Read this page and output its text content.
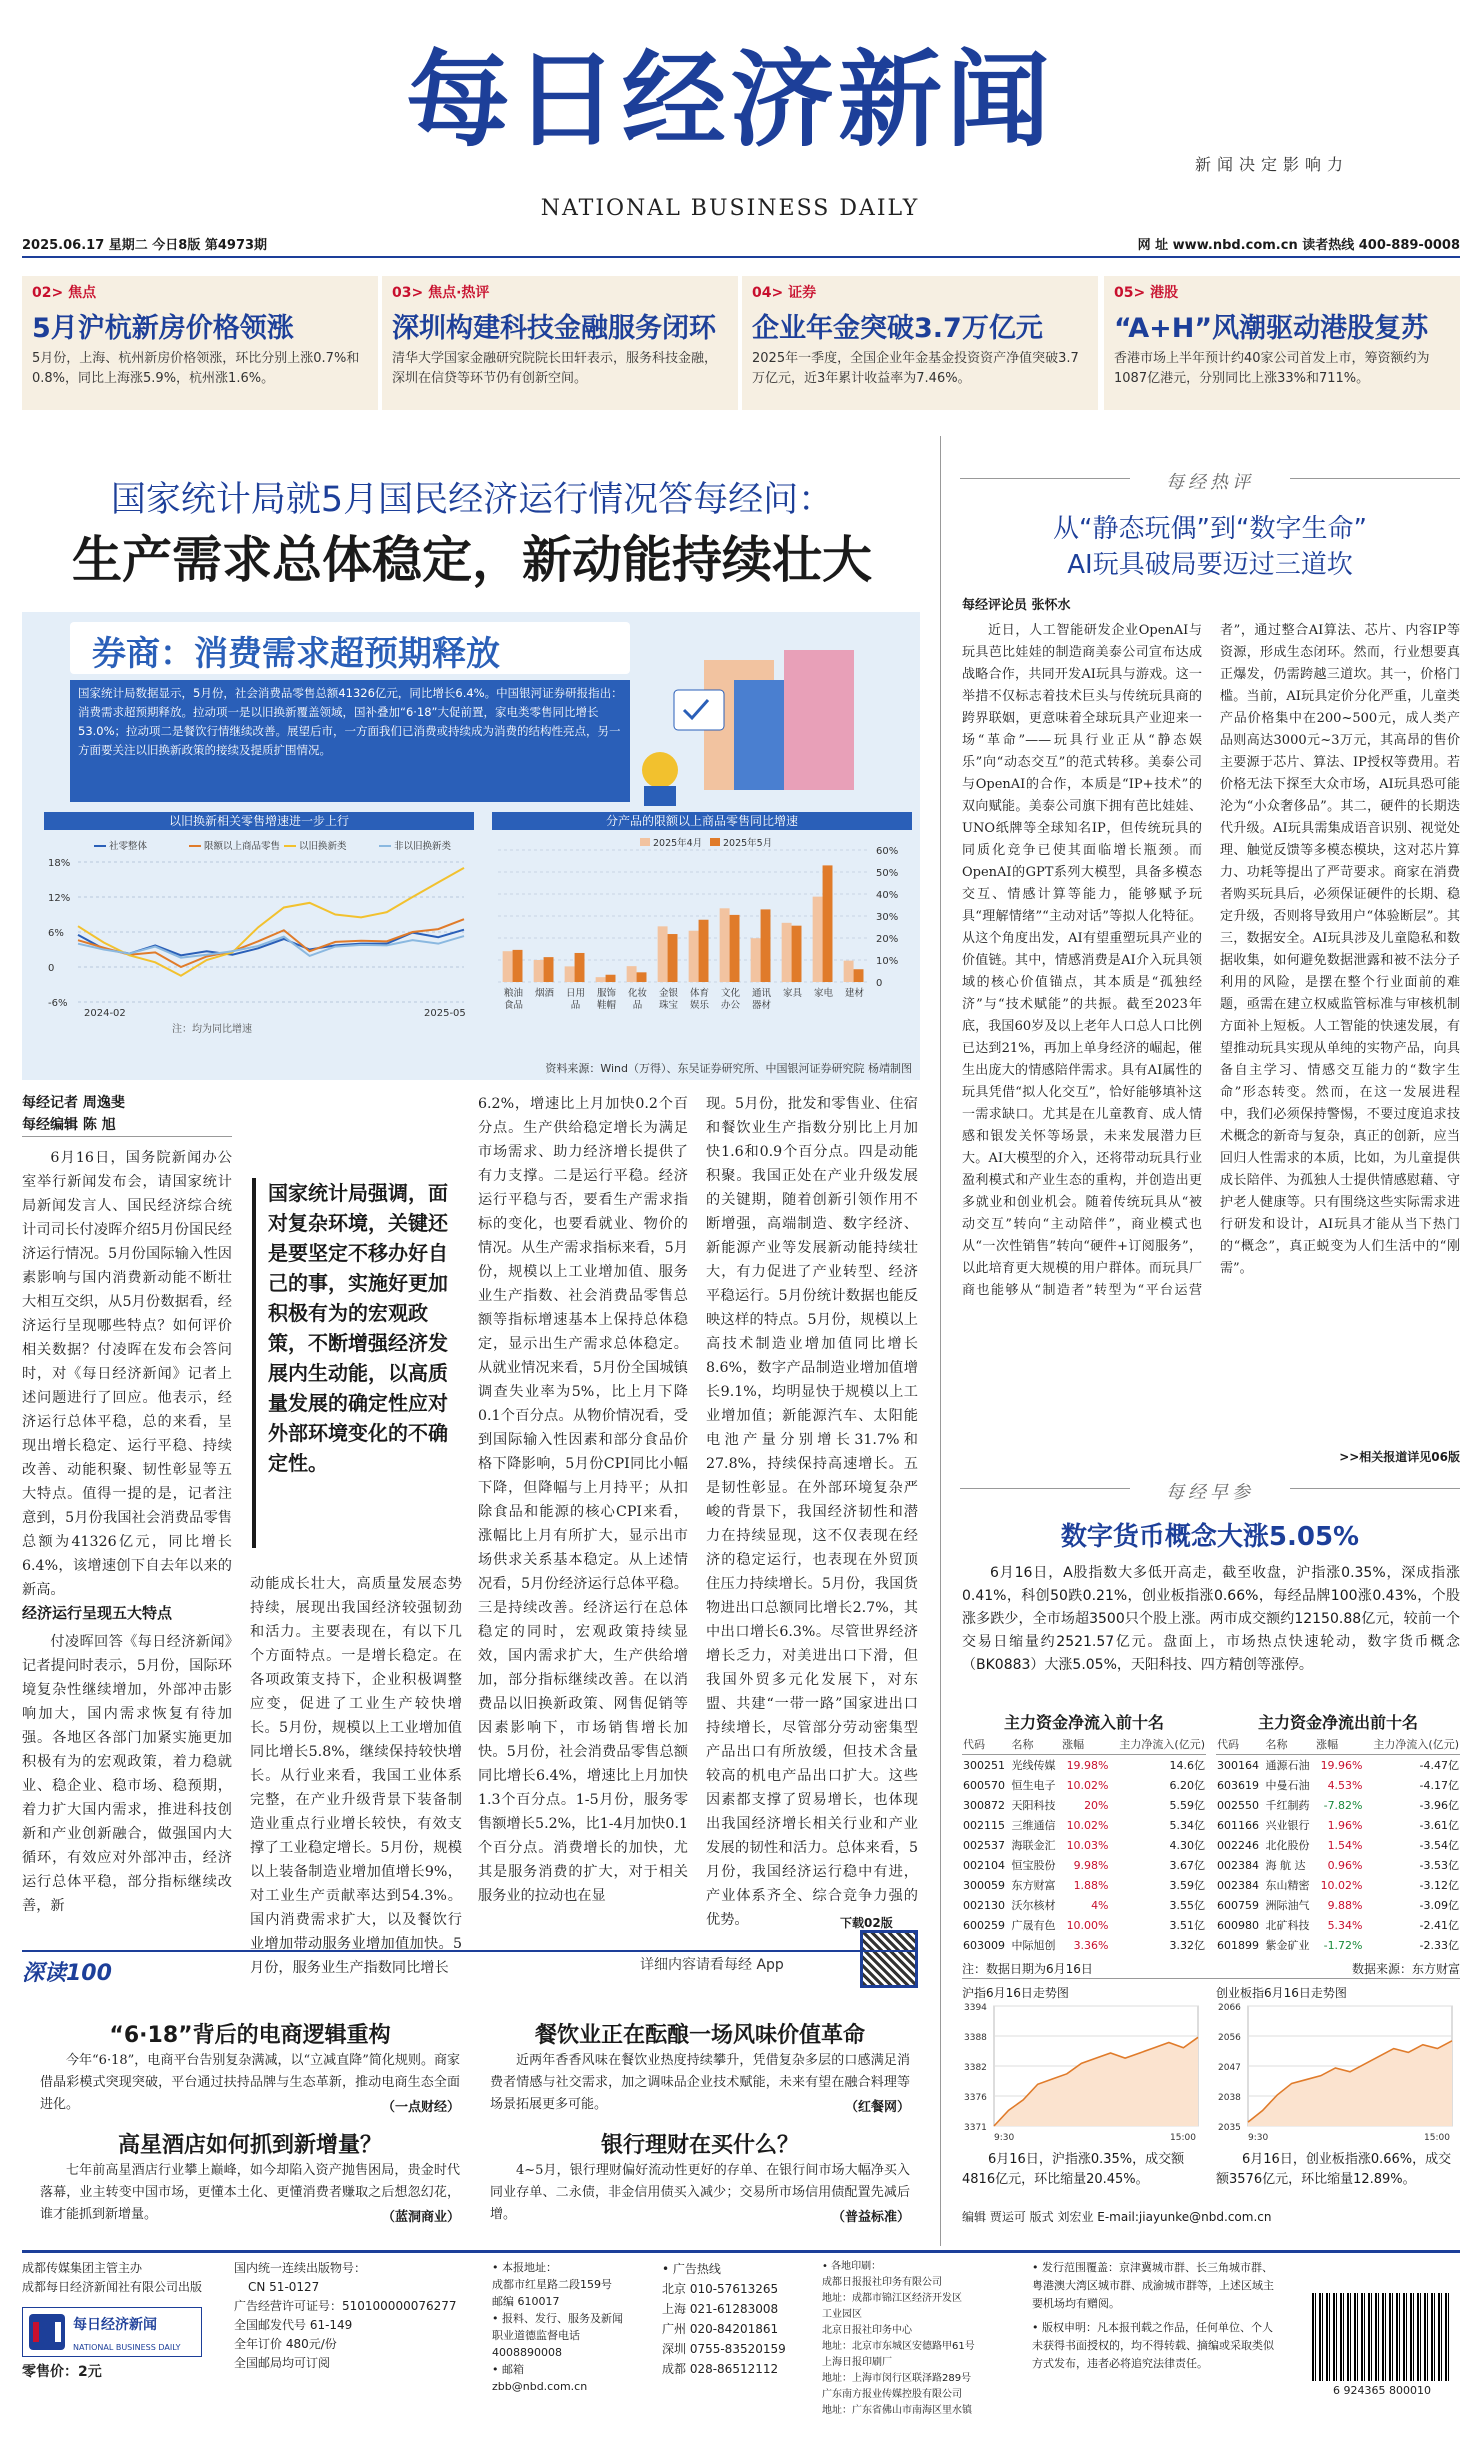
每日经济新闻
NATIONAL BUSINESS DAILY
新闻决定影响力
2025.06.17 星期二 今日8版 第4973期	网 址 www.nbd.com.cn 读者热线 400-889-0008
02> 焦点
5月沪杭新房价格领涨
5月份，上海、杭州新房价格领涨，环比分别上涨0.7%和0.8%，同比上海涨5.9%，杭州涨1.6%。
03> 焦点·热评
深圳构建科技金融服务闭环
清华大学国家金融研究院院长田轩表示，服务科技金融，深圳在信贷等环节仍有创新空间。
04> 证券
企业年金突破3.7万亿元
2025年一季度，全国企业年金基金投资资产净值突破3.7万亿元，近3年累计收益率为7.46%。
05> 港股
“A+H”风潮驱动港股复苏
香港市场上半年预计约40家公司首发上市，筹资额约为1087亿港元，分别同比上涨33%和711%。
国家统计局就5月国民经济运行情况答每经问：
生产需求总体稳定，新动能持续壮大
券商：消费需求超预期释放
国家统计局数据显示，5月份，社会消费品零售总额41326亿元，同比增长6.4%。中国银河证券研报指出：消费需求超预期释放。拉动项一是以旧换新覆盖领域，国补叠加“6·18”大促前置，家电类零售同比增长53.0%；拉动项二是餐饮行情继续改善。展望后市，一方面我们已消费或持续成为消费的结构性亮点，另一方面要关注以旧换新政策的接续及提质扩围情况。
以旧换新相关零售增速进一步上行
18%
12%
6%
0
-6%
2024-02	2025-05
社零整体	限额以上商品零售 以旧换新类	非以旧换新类
注：均为同比增速
分产品的限额以上商品零售同比增速
60%
50%
40%
30%
20%
10%
0
2025年4月 2025年5月
粮油
食品
烟酒 日用
品
服饰
鞋帽
化妆
品
金银
珠宝
体育
娱乐
文化
办公
通讯
器材
家具 家电 建材
资料来源：Wind（万得）、东吴证券研究所、中国银河证券研究院 杨靖制图
每经记者 周逸斐
每经编辑 陈 旭

6月16日，国务院新闻办公室举行新闻发布会，请国家统计局新闻发言人、国民经济综合统计司司长付凌晖介绍5月份国民经济运行情况。5月份国际输入性因素影响与国内消费新动能不断壮大相互交织，从5月份数据看，经济运行呈现哪些特点？如何评价相关数据？付凌晖在发布会答问时，对《每日经济新闻》记者上述问题进行了回应。他表示，经济运行总体平稳，总的来看，呈现出增长稳定、运行平稳、持续改善、动能积聚、韧性彰显等五大特点。值得一提的是，记者注意到，5月份我国社会消费品零售总额为41326亿元，同比增长6.4%，该增速创下自去年以来的新高。

经济运行呈现五大特点

付凌晖回答《每日经济新闻》记者提问时表示，5月份，国际环境复杂性继续增加，外部冲击影响加大，国内需求恢复有待加强。各地区各部门加紧实施更加积极有为的宏观政策，着力稳就业、稳企业、稳市场、稳预期，着力扩大国内需求，推进科技创新和产业创新融合，做强国内大循环，有效应对外部冲击，经济运行总体平稳，部分指标继续改善，新

国家统计局强调，面对复杂环境，关键还是要坚定不移办好自己的事，实施好更加积极有为的宏观政策，不断增强经济发展内生动能，以高质量发展的确定性应对外部环境变化的不确定性。

动能成长壮大，高质量发展态势持续，展现出我国经济较强韧劲和活力。主要表现在，有以下几个方面特点。一是增长稳定。在各项政策支持下，企业积极调整应变，促进了工业生产较快增长。5月份，规模以上工业增加值同比增长5.8%，继续保持较快增长。从行业来看，我国工业体系完整，在产业升级背景下装备制造业重点行业增长较快，有效支撑了工业稳定增长。5月份，规模以上装备制造业增加值增长9%，对工业生产贡献率达到54.3%。国内消费需求扩大，以及餐饮行业增加带动服务业增加值加快。5月份，服务业生产指数同比增长

6.2%，增速比上月加快0.2个百分点。生产供给稳定增长为满足市场需求、助力经济增长提供了有力支撑。二是运行平稳。经济运行平稳与否，要看生产需求指标的变化，也要看就业、物价的情况。从生产需求指标来看，5月份，规模以上工业增加值、服务业生产指数、社会消费品零售总额等指标增速基本上保持总体稳定，显示出生产需求总体稳定。从就业情况来看，5月份全国城镇调查失业率为5%，比上月下降0.1个百分点。从物价情况看，受到国际输入性因素和部分食品价格下降影响，5月份CPI同比小幅下降，但降幅与上月持平；从扣除食品和能源的核心CPI来看，涨幅比上月有所扩大，显示出市场供求关系基本稳定。从上述情况看，5月份经济运行总体平稳。三是持续改善。经济运行在总体稳定的同时，宏观政策持续显效，国内需求扩大，生产供给增加，部分指标继续改善。在以消费品以旧换新政策、网售促销等因素影响下，市场销售增长加快。5月份，社会消费品零售总额同比增长6.4%，增速比上月加快1.3个百分点。1-5月份，服务零售额增长5.2%，比1-4月加快0.1个百分点。消费增长的加快，尤其是服务消费的扩大，对于相关服务业的拉动也在显

现。5月份，批发和零售业、住宿和餐饮业生产指数分别比上月加快1.6和0.9个百分点。四是动能积聚。我国正处在产业升级发展的关键期，随着创新引领作用不断增强，高端制造、数字经济、新能源产业等发展新动能持续壮大，有力促进了产业转型、经济平稳运行。5月份统计数据也能反映这样的特点。5月份，规模以上高技术制造业增加值同比增长8.6%，数字产品制造业增加值增长9.1%，均明显快于规模以上工业增加值；新能源汽车、太阳能电池产量分别增长31.7%和27.8%，持续保持高速增长。五是韧性彰显。在外部环境复杂严峻的背景下，我国经济韧性和潜力在持续显现，这不仅表现在经济的稳定运行，也表现在外贸顶住压力持续增长。5月份，我国货物进出口总额同比增长2.7%，其中出口增长6.3%。尽管世界经济增长乏力，对美进出口下滑，但我国外贸多元化发展下，对东盟、共建“一带一路”国家进出口持续增长，尽管部分劳动密集型产品出口有所放缓，但技术含量较高的机电产品出口扩大。这些因素都支撑了贸易增长，也体现出我国经济增长相关行业和产业发展的韧性和活力。总体来看，5月份，我国经济运行稳中有进，产业体系齐全、综合竞争力强的优势。	下载02版
深读100	详细内容请看每经 App
“6·18”背后的电商逻辑重构

今年“6·18”，电商平台告别复杂满减，以“立减直降”简化规则。商家借晶彩模式突现突破，平台通过扶持品牌与生态革新，推动电商生态全面进化。	（一点财经）
餐饮业正在酝酿一场风味价值革命

近两年香香风味在餐饮业热度持续攀升，凭借复杂多层的口感满足消费者情感与社交需求，加之调味品企业技术赋能，未来有望在融合料理等场景拓展更多可能。	（红餐网）
高星酒店如何抓到新增量？

七年前高星酒店行业攀上巅峰，如今却陷入资产抛售困局，贵金时代落幕，业主转变中国市场，更懂本土化、更懂消费者赚取之后想忽幻花，谁才能抓到新增量。	（蓝洞商业）
银行理财在买什么？

4~5月，银行理财偏好流动性更好的存单、在银行间市场大幅净买入同业存单、二永债，非金信用债买入减少；交易所市场信用债配置先减后增。	（普益标准）
每经热评
从“静态玩偶”到“数字生命”
AI玩具破局要迈过三道坎
每经评论员 张怀水

近日，人工智能研发企业OpenAI与玩具芭比娃娃的制造商美泰公司宣布达成战略合作，共同开发AI玩具与游戏。这一举措不仅标志着技术巨头与传统玩具商的跨界联姻，更意味着全球玩具产业迎来一场“革命”——玩具行业正从“静态娱乐”向“动态交互”的范式转移。美泰公司与OpenAI的合作，本质是“IP+技术”的双向赋能。美泰公司旗下拥有芭比娃娃、UNO纸牌等全球知名IP，但传统玩具的同质化竞争已使其面临增长瓶颈。而OpenAI的GPT系列大模型，具备多模态交互、情感计算等能力，能够赋予玩具“理解情绪”“主动对话”等拟人化特征。从这个角度出发，AI有望重塑玩具产业的价值链。其中，情感消费是AI介入玩具领域的核心价值锚点，其本质是“孤独经济”与“技术赋能”的共振。截至2023年底，我国60岁及以上老年人口总人口比例已达到21%，再加上单身经济的崛起，催生出庞大的情感陪伴需求。具有AI属性的玩具凭借“拟人化交互”，恰好能够填补这一需求缺口。尤其是在儿童教育、成人情感和银发关怀等场景，未来发展潜力巨大。AI大模型的介入，还将带动玩具行业盈利模式和产业生态的重构，并创造出更多就业和创业机会。随着传统玩具从“被动交互”转向“主动陪伴”，商业模式也从“一次性销售”转向“硬件+订阅服务”，以此培育更大规模的用户群体。而玩具厂商也能够从“制造者”转型为“平台运营者”，通过整合AI算法、芯片、内容IP等资源，形成生态闭环。然而，行业想要真正爆发，仍需跨越三道坎。其一，价格门槛。当前，AI玩具定价分化严重，儿童类产品价格集中在200~500元，成人类产品则高达3000元~3万元，其高昂的售价主要源于芯片、算法、IP授权等费用。若价格无法下探至大众市场，AI玩具恐可能沦为“小众奢侈品”。其二，硬件的长期迭代升级。AI玩具需集成语音识别、视觉处理、触觉反馈等多模态模块，这对芯片算力、功耗等提出了严苛要求。商家在消费者购买玩具后，必须保证硬件的长期、稳定升级，否则将导致用户“体验断层”。其三，数据安全。AI玩具涉及儿童隐私和数据收集，如何避免数据泄露和被不法分子利用的风险，是摆在整个行业面前的难题，亟需在建立权威监管标准与审核机制方面补上短板。人工智能的快速发展，有望推动玩具实现从单纯的实物产品，向具备自主学习、情感交互能力的“数字生命”形态转变。然而，在这一发展进程中，我们必须保持警惕，不要过度追求技术概念的新奇与复杂，真正的创新，应当回归人性需求的本质，比如，为儿童提供成长陪伴、为孤独人士提供情感慰藉、守护老人健康等。只有围绕这些实际需求进行研发和设计，AI玩具才能从当下热门的“概念”，真正蜕变为人们生活中的“刚需”。

>>相关报道详见06版
每经早参
数字货币概念大涨5.05%
6月16日，A股指数大多低开高走，截至收盘，沪指涨0.35%，深成指涨0.41%，科创50跌0.21%，创业板指涨0.66%，每经品牌100涨0.43%，个股涨多跌少，全市场超3500只个股上涨。两市成交额约12150.88亿元，较前一个交易日缩量约2521.57亿元。盘面上，市场热点快速轮动，数字货币概念（BK0883）大涨5.05%，天阳科技、四方精创等涨停。
主力资金净流入前十名	主力资金净流出前十名
代码	名称	涨幅	主力净流入(亿元)
300251	光线传媒	19.98%	14.6亿
600570	恒生电子	10.02%	6.20亿
300872	天阳科技	20%	5.59亿
002115	三维通信	10.02%	5.34亿
002537	海联金汇	10.03%	4.30亿
002104	恒宝股份	9.98%	3.67亿
300059	东方财富	1.88%	3.59亿
002130	沃尔核材	4%	3.55亿
600259	广晟有色	10.00%	3.51亿
603009	中际旭创	3.36%	3.32亿
代码	名称	涨幅	主力净流入(亿元)
300164	通源石油	19.96%	-4.47亿
603619	中曼石油	4.53%	-4.17亿
002550	千红制药	-7.82%	-3.96亿
601166	兴业银行	1.96%	-3.61亿
002246	北化股份	1.54%	-3.54亿
002384	海 航 达	0.96%	-3.53亿
002384	东山精密	10.02%	-3.12亿
600759	洲际油气	9.88%	-3.09亿
600980	北矿科技	5.34%	-2.41亿
601899	紫金矿业	-1.72%	-2.33亿
注：数据日期为6月16日	数据来源：东方财富
沪指6月16日走势图
3394
3388
3382
3376
3371
9:30	15:00
创业板指6月16日走势图
2066
2056
2047
2038
2035
9:30	15:00
6月16日，沪指涨0.35%，成交额4816亿元，环比缩量20.45%。
6月16日，创业板指涨0.66%，成交额3576亿元，环比缩量12.89%。
编辑 贾运可 版式 刘宏业 E-mail:jiayunke@nbd.com.cn
成都传媒集团主管主办
成都每日经济新闻社有限公司出版
每日经济新闻
NATIONAL BUSINESS DAILY
零售价：2元
国内统一连续出版物号：
CN 51-0127
广告经营许可证号：510100000076277
全国邮发代号 61-149
全年订价 480元/份
全国邮局均可订阅
• 本报地址：
成都市红星路二段159号
邮编 610017
• 报料、发行、服务及新闻
职业道德监督电话
4008890008
• 邮箱
zbb@nbd.com.cn
• 广告热线
北京 010-57613265
上海 021-61283008
广州 020-84201861
深圳 0755-83520159
成都 028-86512112
• 各地印刷：
成都日报报社印务有限公司
地址：成都市锦江区经济开发区
工业园区
北京日报社印务中心
地址：北京市东城区安德路甲61号
上海日报印刷厂
地址：上海市闵行区联泽路289号
广东南方报业传媒控股有限公司
地址：广东省佛山市南海区里水镇
• 发行范围覆盖：京津冀城市群、长三角城市群、粤港澳大湾区城市群、成渝城市群等，上述区域主要机场均有赠阅。
• 版权申明：凡本报刊载之作品，任何单位、个人未获得书面授权的，均不得转载、摘编或采取类似方式发布，违者必将追究法律责任。
6 924365 800010
